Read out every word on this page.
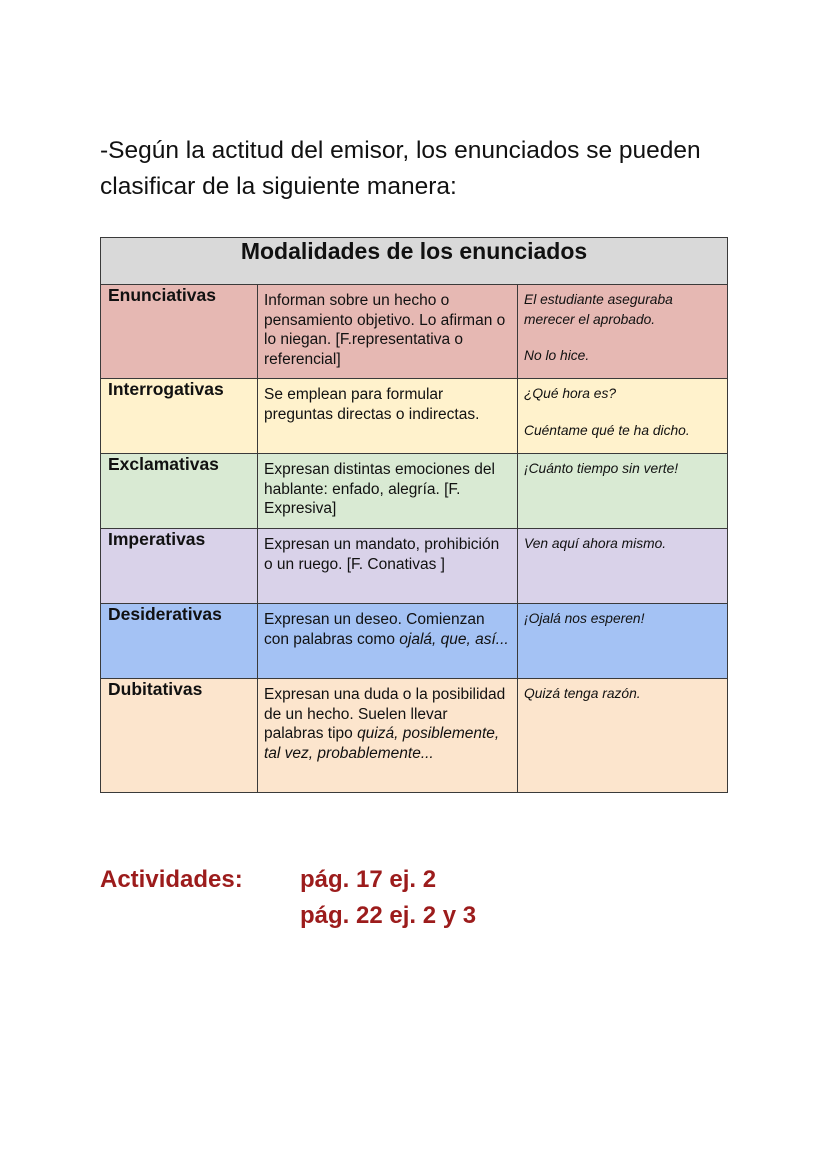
-Según la actitud del emisor, los enunciados se pueden clasificar de la siguiente manera:

Modalidades de los enunciados		
Enunciativas	Informan sobre un hecho o pensamiento objetivo. Lo afirman o lo niegan. [F.representativa o referencial]	El estudiante aseguraba merecer el aprobado.
No lo hice.

Interrogativas	Se emplean para formular preguntas directas o indirectas.	¿Qué hora es?
Cuéntame qué te ha dicho.

Exclamativas	Expresan distintas emociones del hablante: enfado, alegría. [F. Expresiva]	¡Cuánto tiempo sin verte!

Imperativas	Expresan un mandato, prohibición o un ruego. [F. Conativas ]	Ven aquí ahora mismo.

Desiderativas	Expresan un deseo. Comienzan con palabras como ojalá, que, así...	¡Ojalá nos esperen!

Dubitativas	Expresan una duda o la posibilidad de un hecho. Suelen llevar palabras tipo quizá, posiblemente, tal vez, probablemente...	Quizá tenga razón.
Actividades: pág. 17 ej. 2
pág. 22 ej. 2 y 3
